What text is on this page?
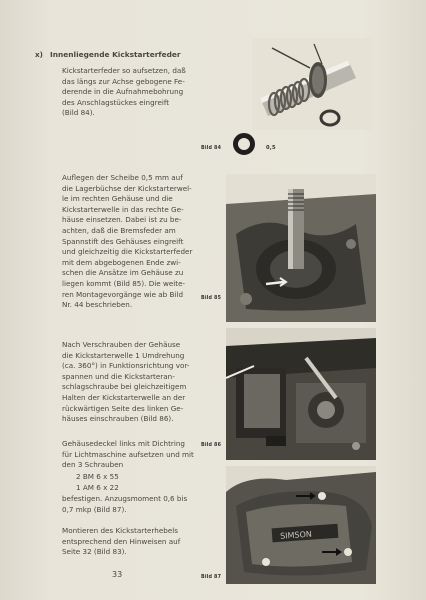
x) Innenliegende Kickstarterfeder
Kickstarterfeder so aufsetzen, daß
das längs zur Achse gebogene Fe-
derende in die Aufnahmebohrung
des Anschlagstückes eingreift
(Bild 84).
Bild 84	0,5
Auflegen der Scheibe 0,5 mm auf
die Lagerbüchse der Kickstarterwel-
le im rechten Gehäuse und die
Kickstarterwelle in das rechte Ge-
häuse einsetzen. Dabei ist zu be-
achten, daß die Bremsfeder am
Spannstift des Gehäuses eingreift
und gleichzeitig die Kickstarterfeder
mit dem abgebogenen Ende zwi-
schen die Ansätze im Gehäuse zu
liegen kommt (Bild 85). Die weite-
ren Montagevorgänge wie ab Bild
Nr. 44 beschrieben.
Bild 85
Nach Verschrauben der Gehäuse
die Kickstarterwelle 1 Umdrehung
(ca. 360°) in Funktionsrichtung vor-
spannen und die Kickstarteran-
schlagschraube bei gleichzeitigem
Halten der Kickstarterwelle an der
rückwärtigen Seite des linken Ge-
häuses einschrauben (Bild 86).
Bild 86
Gehäusedeckel links mit Dichtring
für Lichtmaschine aufsetzen und mit
den 3 Schrauben
2 BM 6 x 55
1 AM 6 x 22
befestigen. Anzugsmoment 0,6 bis
0,7 mkp (Bild 87).
Montieren des Kickstarterhebels
entsprechend den Hinweisen auf
Seite 32 (Bild 83).
SIMSON
Bild 87
33
